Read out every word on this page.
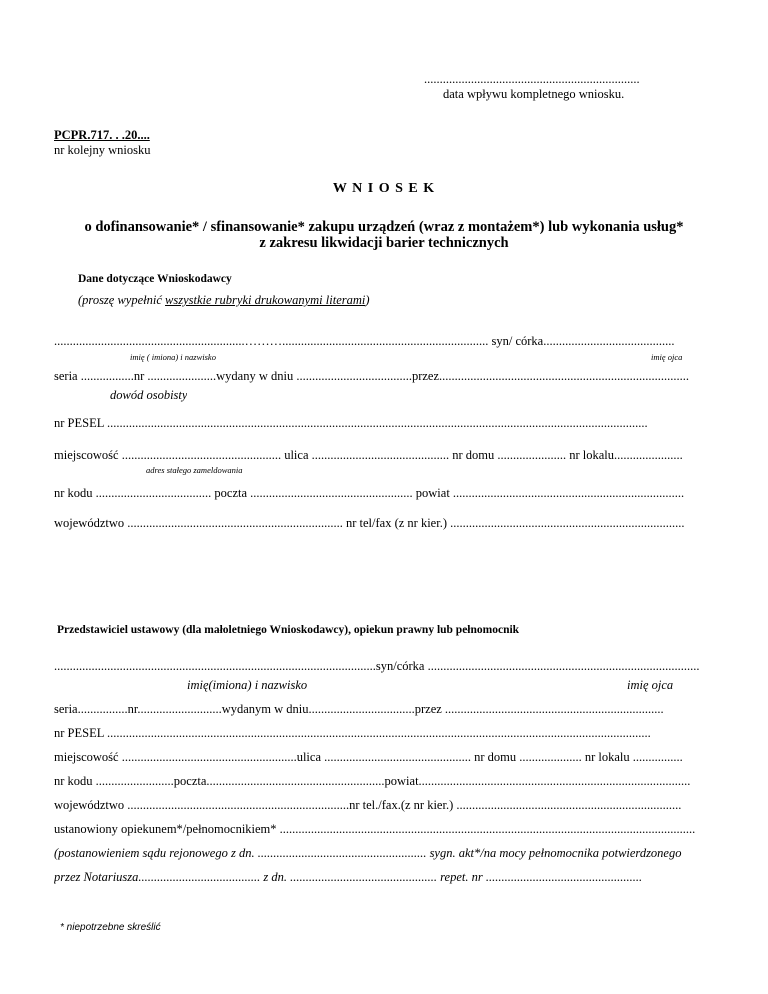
.....................................................................
data wpływu kompletnego wniosku.
PCPR.717. . .20....
nr kolejny wniosku
W N I O S E K
o dofinansowanie* / sfinansowanie* zakupu urządzeń (wraz z montażem*) lub wykonania usług*
z zakresu likwidacji barier technicznych
Dane dotyczące Wnioskodawcy
(proszę wypełnić wszystkie rubryki drukowanymi literami)
.............................................................……….................................................................. syn/ córka..........................................
imię ( imiona) i nazwisko	imię ojca
seria .................nr ......................wydany w dniu .....................................przez................................................................................
dowód osobisty
nr PESEL .............................................................................................................................................................................
miejscowość ................................................... ulica ............................................ nr domu ...................... nr lokalu......................
adres stałego zameldowania
nr kodu ..................................... poczta .................................................... powiat ..........................................................................
województwo ..................................................................... nr tel/fax (z nr kier.) ...........................................................................
Przedstawiciel ustawowy (dla małoletniego Wnioskodawcy), opiekun prawny lub pełnomocnik
.......................................................................................................syn/córka .......................................................................................
imię(imiona) i nazwisko	imię ojca
seria................nr...........................wydanym w dniu..................................przez ......................................................................
nr PESEL ..............................................................................................................................................................................
miejscowość ........................................................ulica ............................................... nr domu .................... nr lokalu ................
nr kodu .........................poczta.........................................................powiat.......................................................................................
województwo .......................................................................nr tel./fax.(z nr kier.) ........................................................................
ustanowiony opiekunem*/pełnomocnikiem* .....................................................................................................................................
(postanowieniem sądu rejonowego z dn. ...................................................... sygn. akt*/na mocy pełnomocnika potwierdzonego
przez Notariusza....................................... z dn. ............................................... repet. nr ..................................................
* niepotrzebne skreślić
